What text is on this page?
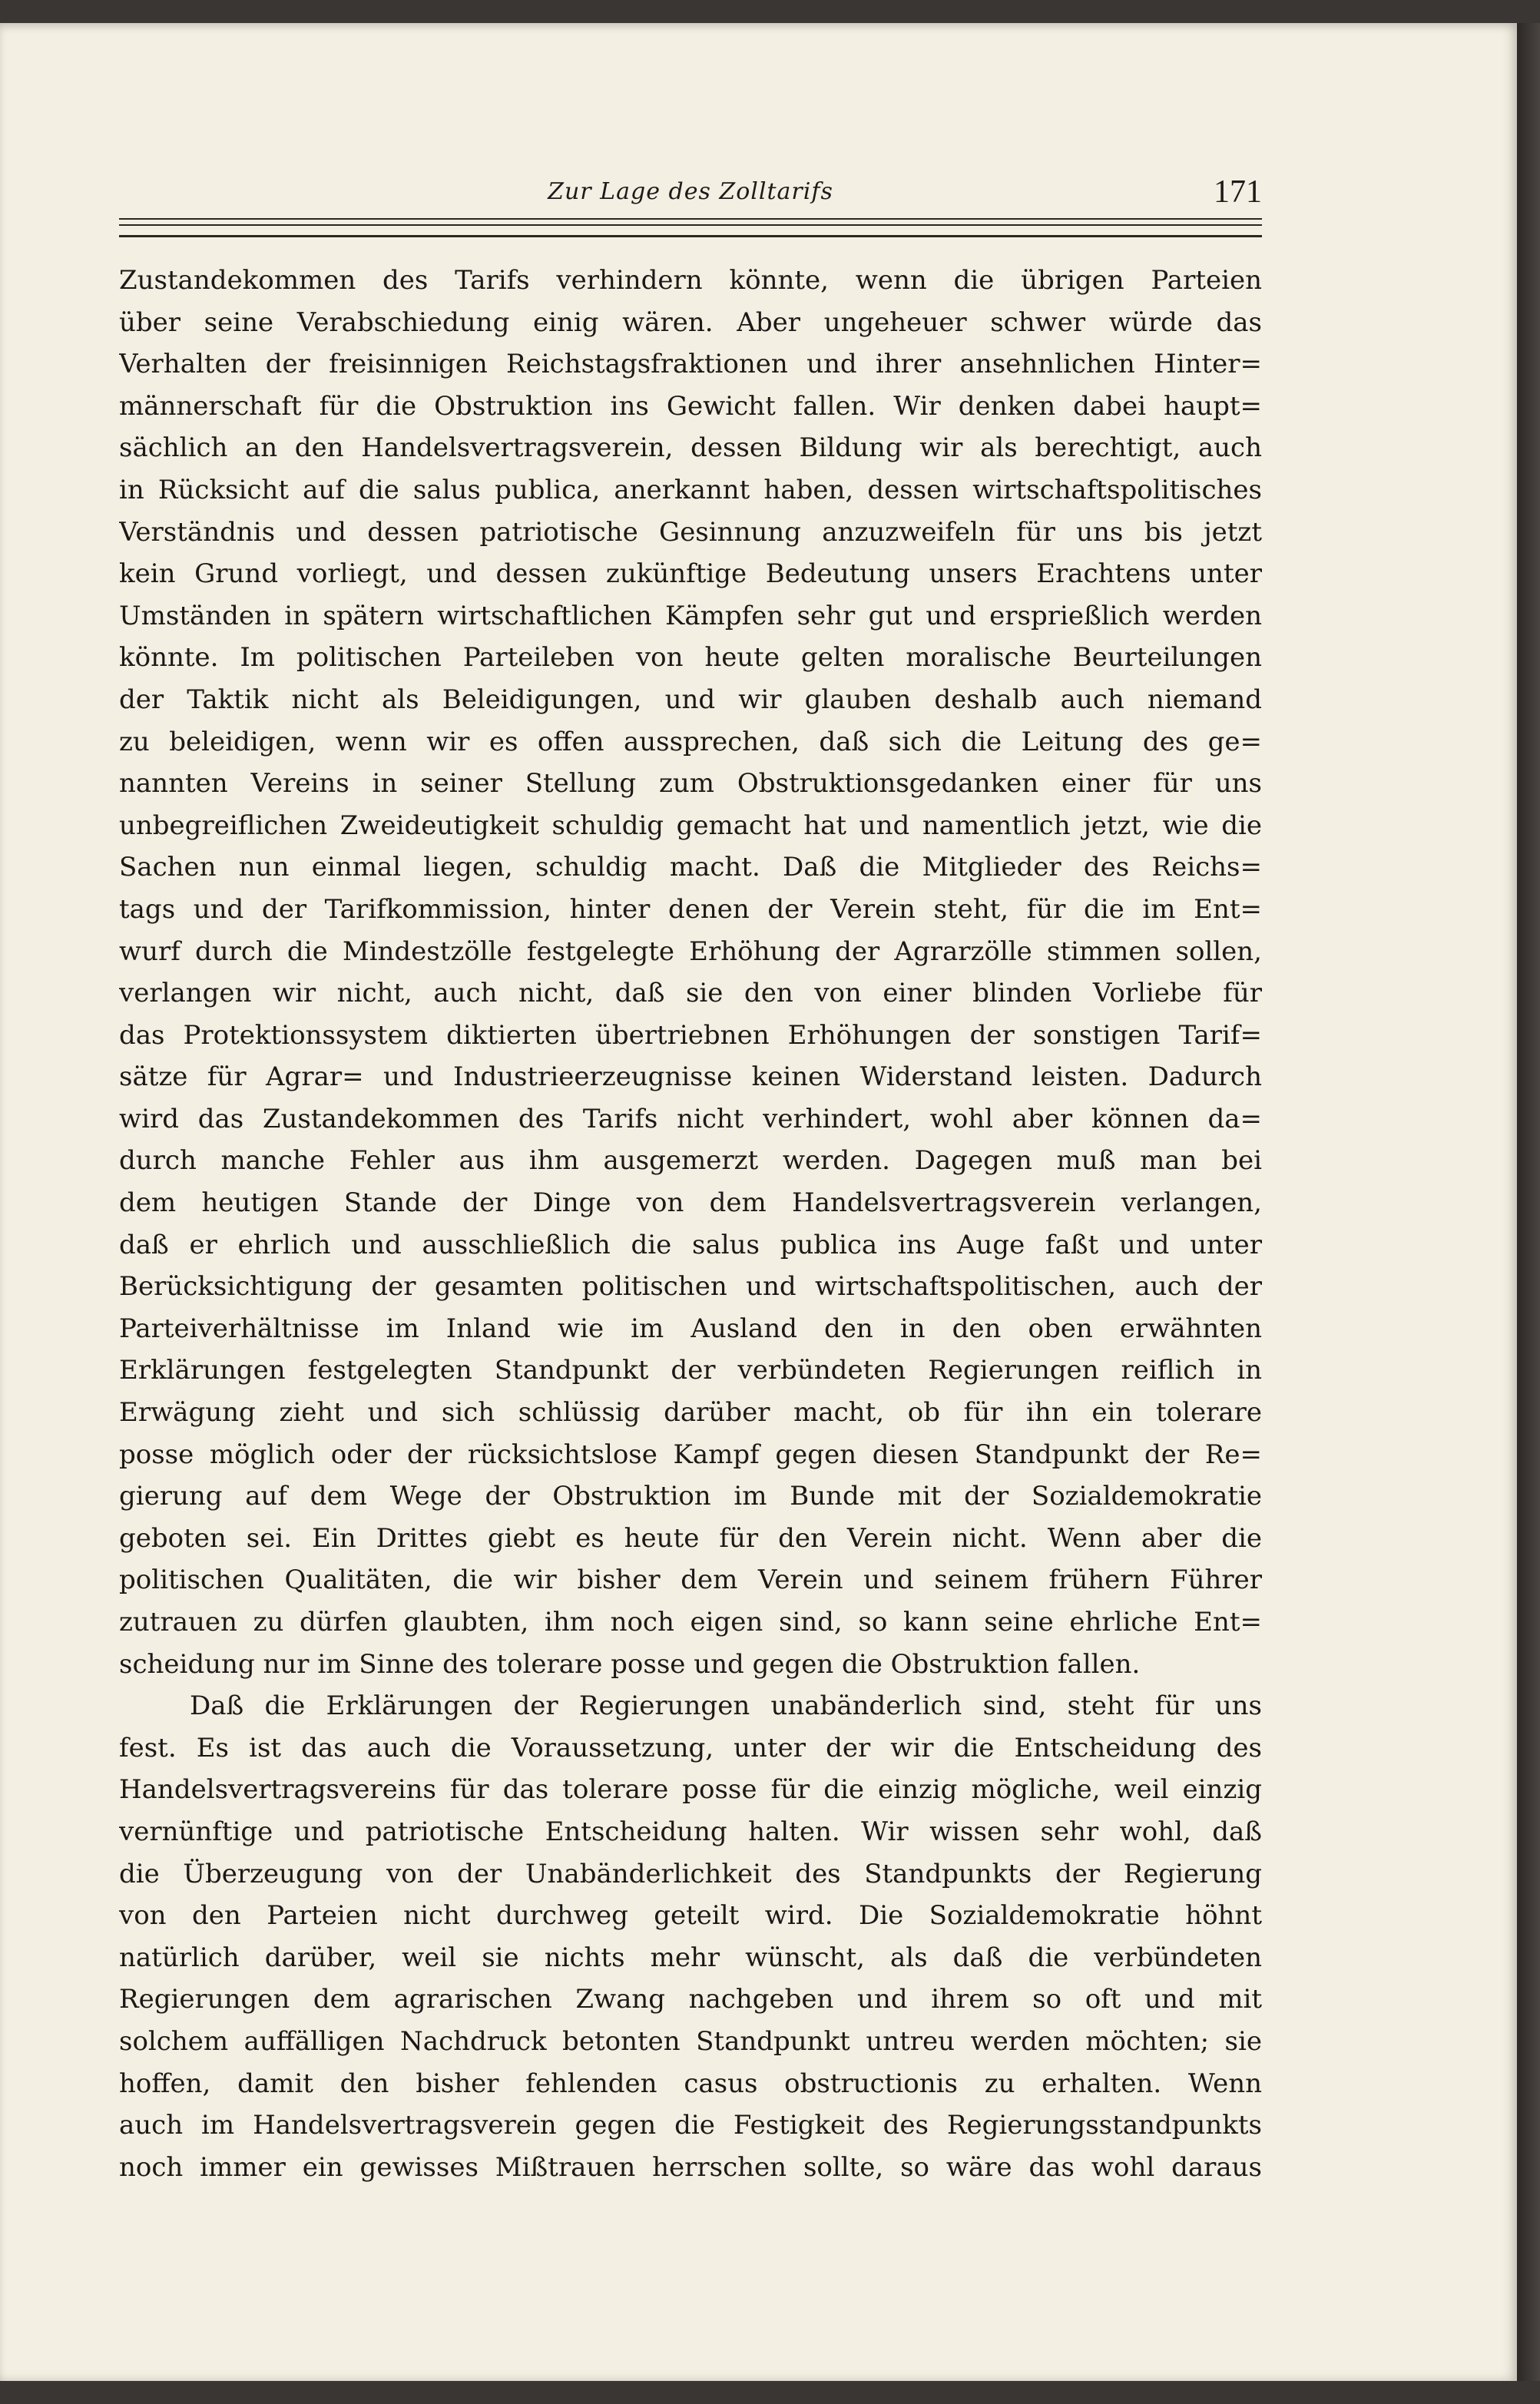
Zur Lage des Zolltarifs	171
Zustandekommen des Tarifs verhindern könnte, wenn die übrigen Parteien
über seine Verabschiedung einig wären. Aber ungeheuer schwer würde das
Verhalten der freisinnigen Reichstagsfraktionen und ihrer ansehnlichen Hinter=
männerschaft für die Obstruktion ins Gewicht fallen. Wir denken dabei haupt=
sächlich an den Handelsvertragsverein, dessen Bildung wir als berechtigt, auch
in Rücksicht auf die salus publica, anerkannt haben, dessen wirtschaftspolitisches
Verständnis und dessen patriotische Gesinnung anzuzweifeln für uns bis jetzt
kein Grund vorliegt, und dessen zukünftige Bedeutung unsers Erachtens unter
Umständen in spätern wirtschaftlichen Kämpfen sehr gut und ersprießlich werden
könnte. Im politischen Parteileben von heute gelten moralische Beurteilungen
der Taktik nicht als Beleidigungen, und wir glauben deshalb auch niemand
zu beleidigen, wenn wir es offen aussprechen, daß sich die Leitung des ge=
nannten Vereins in seiner Stellung zum Obstruktionsgedanken einer für uns
unbegreiflichen Zweideutigkeit schuldig gemacht hat und namentlich jetzt, wie die
Sachen nun einmal liegen, schuldig macht. Daß die Mitglieder des Reichs=
tags und der Tarifkommission, hinter denen der Verein steht, für die im Ent=
wurf durch die Mindestzölle festgelegte Erhöhung der Agrarzölle stimmen sollen,
verlangen wir nicht, auch nicht, daß sie den von einer blinden Vorliebe für
das Protektionssystem diktierten übertriebnen Erhöhungen der sonstigen Tarif=
sätze für Agrar= und Industrieerzeugnisse keinen Widerstand leisten. Dadurch
wird das Zustandekommen des Tarifs nicht verhindert, wohl aber können da=
durch manche Fehler aus ihm ausgemerzt werden. Dagegen muß man bei
dem heutigen Stande der Dinge von dem Handelsvertragsverein verlangen,
daß er ehrlich und ausschließlich die salus publica ins Auge faßt und unter
Berücksichtigung der gesamten politischen und wirtschaftspolitischen, auch der
Parteiverhältnisse im Inland wie im Ausland den in den oben erwähnten
Erklärungen festgelegten Standpunkt der verbündeten Regierungen reiflich in
Erwägung zieht und sich schlüssig darüber macht, ob für ihn ein tolerare
posse möglich oder der rücksichtslose Kampf gegen diesen Standpunkt der Re=
gierung auf dem Wege der Obstruktion im Bunde mit der Sozialdemokratie
geboten sei. Ein Drittes giebt es heute für den Verein nicht. Wenn aber die
politischen Qualitäten, die wir bisher dem Verein und seinem frühern Führer
zutrauen zu dürfen glaubten, ihm noch eigen sind, so kann seine ehrliche Ent=
scheidung nur im Sinne des tolerare posse und gegen die Obstruktion fallen.
Daß die Erklärungen der Regierungen unabänderlich sind, steht für uns
fest. Es ist das auch die Voraussetzung, unter der wir die Entscheidung des
Handelsvertragsvereins für das tolerare posse für die einzig mögliche, weil einzig
vernünftige und patriotische Entscheidung halten. Wir wissen sehr wohl, daß
die Überzeugung von der Unabänderlichkeit des Standpunkts der Regierung
von den Parteien nicht durchweg geteilt wird. Die Sozialdemokratie höhnt
natürlich darüber, weil sie nichts mehr wünscht, als daß die verbündeten
Regierungen dem agrarischen Zwang nachgeben und ihrem so oft und mit
solchem auffälligen Nachdruck betonten Standpunkt untreu werden möchten; sie
hoffen, damit den bisher fehlenden casus obstructionis zu erhalten. Wenn
auch im Handelsvertragsverein gegen die Festigkeit des Regierungsstandpunkts
noch immer ein gewisses Mißtrauen herrschen sollte, so wäre das wohl daraus
